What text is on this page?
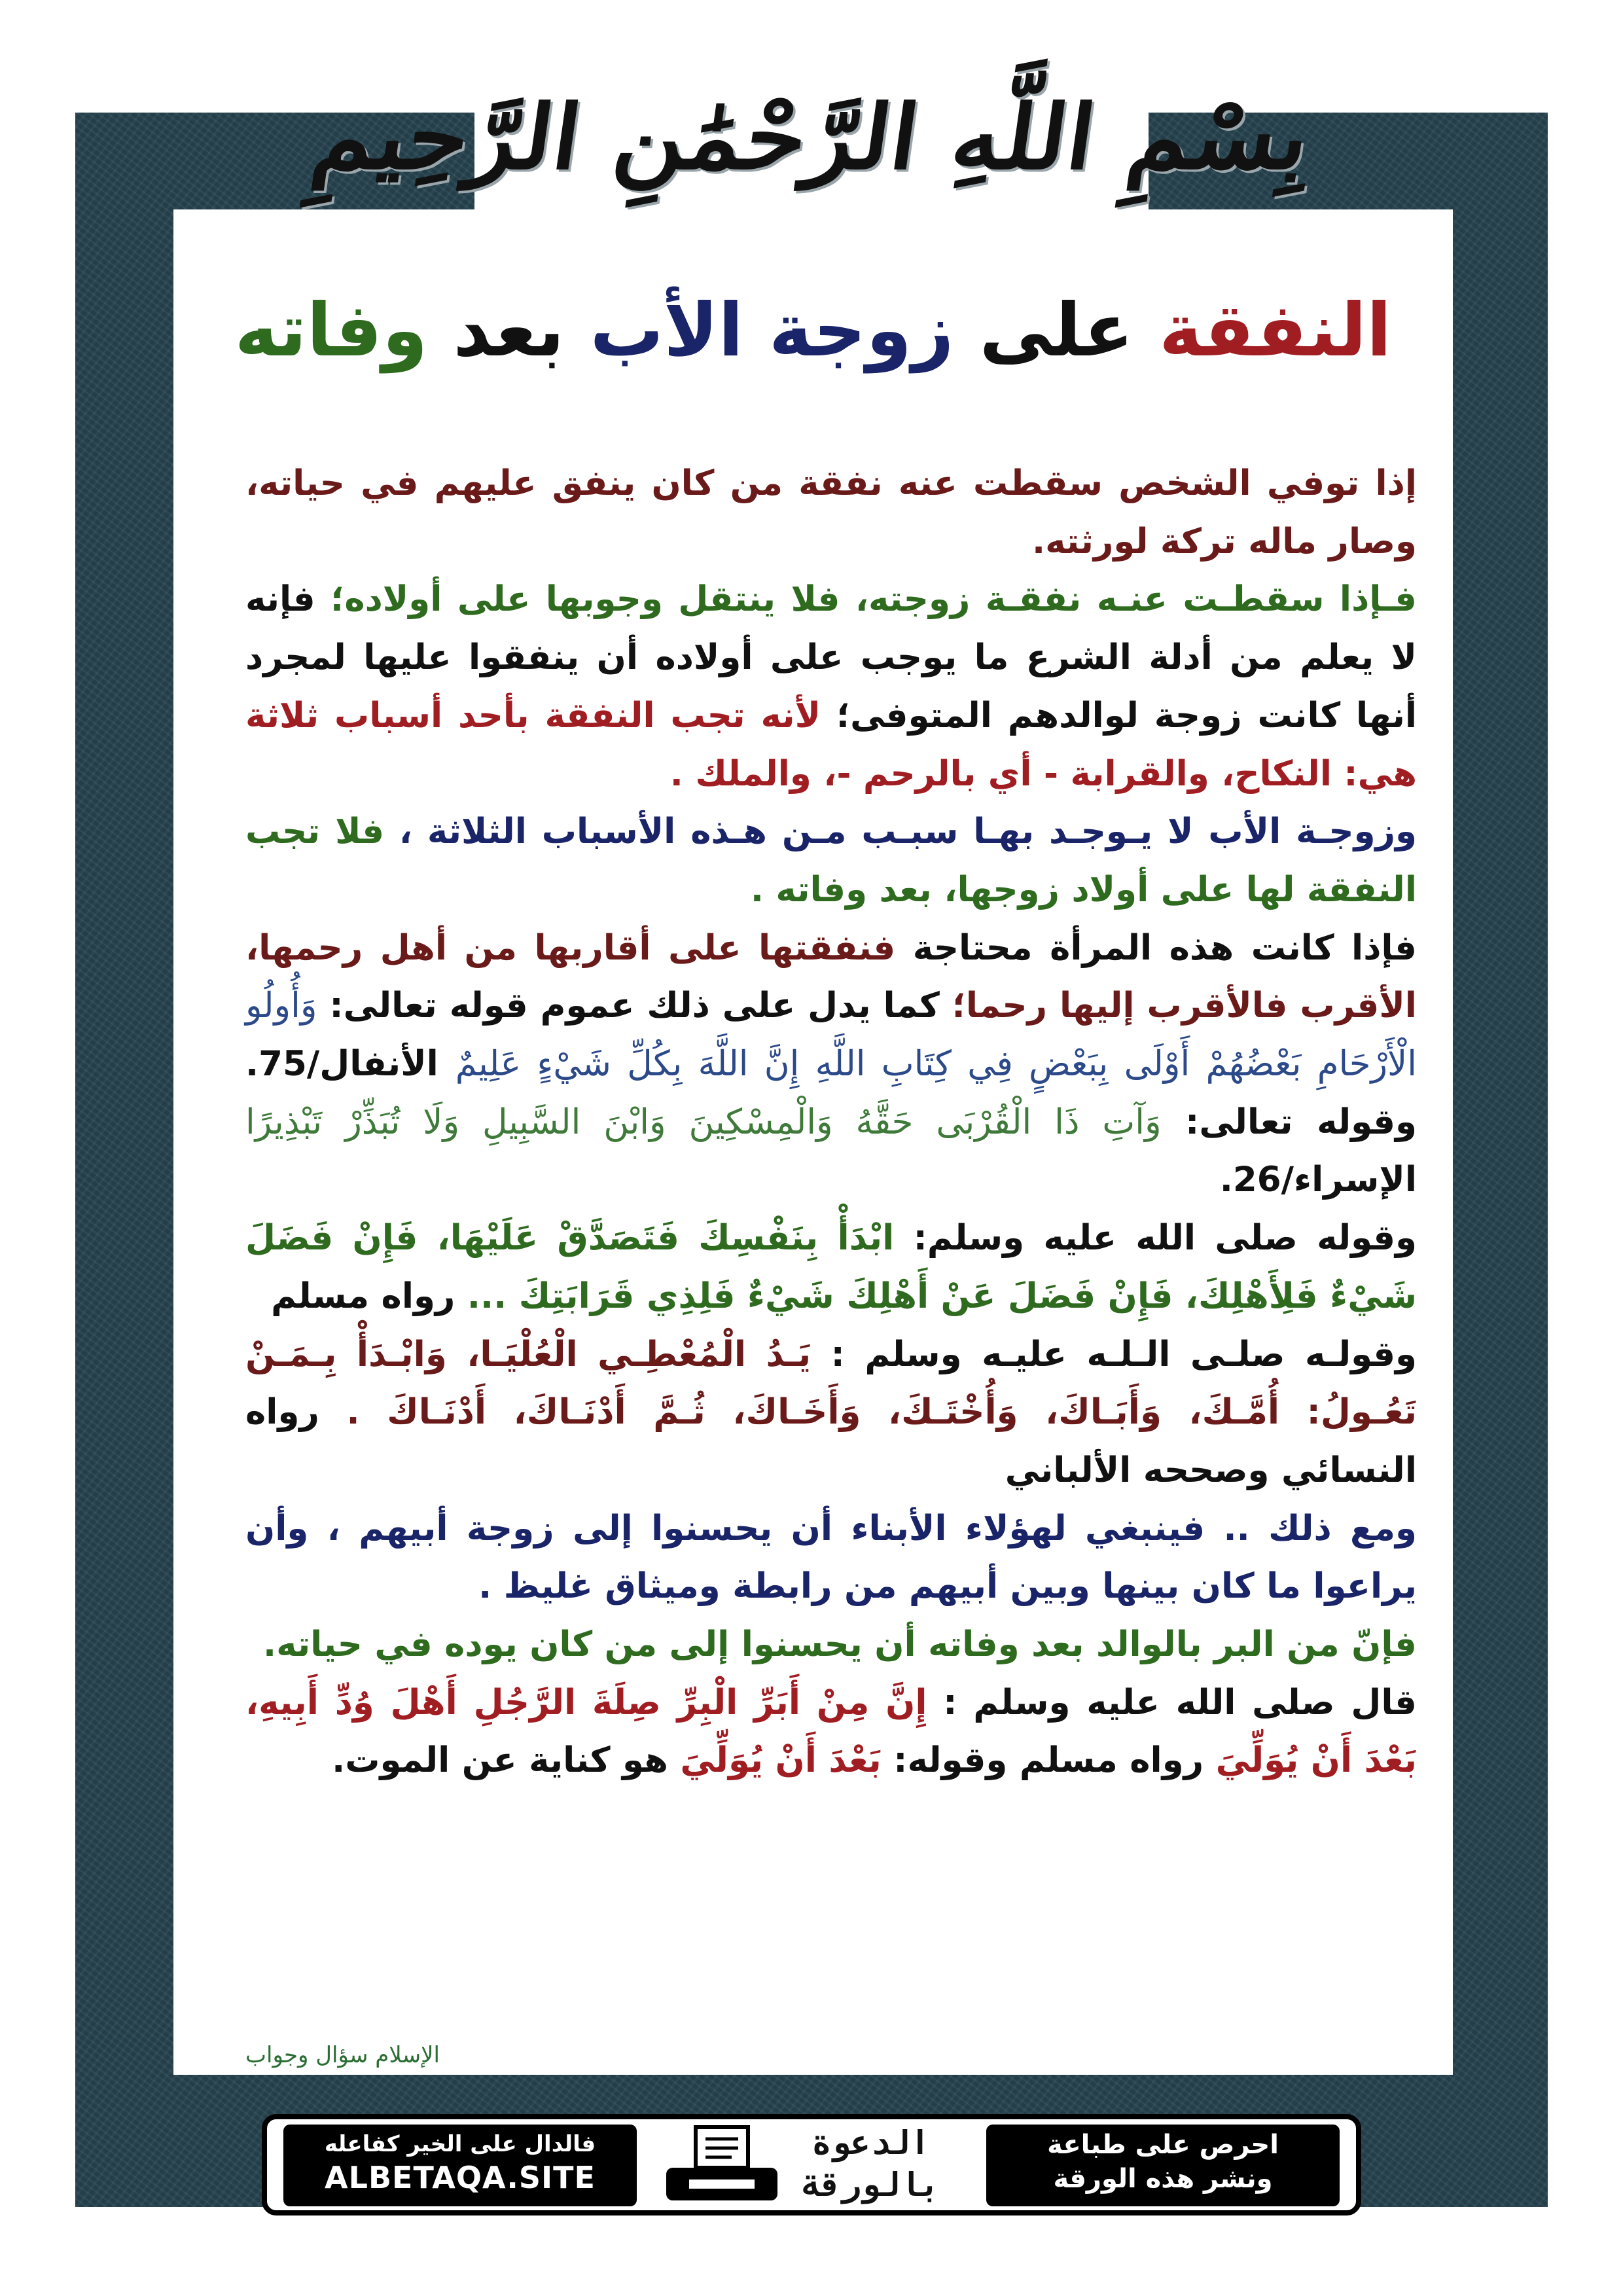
بِسْمِ اللَّهِ الرَّحْمَٰنِ الرَّحِيمِ
النفقة على زوجة الأب بعد وفاته

إذا توفي الشخص سقطت عنه نفقة من كان ينفق عليهم في حياته، وصار ماله تركة لورثته.

فـإذا سقطـت عنـه نفقـة زوجته، فلا ينتقل وجوبها على أولاده؛ فإنه لا يعلم من أدلة الشرع ما يوجب على أولاده أن ينفقوا عليها لمجرد أنها كانت زوجة لوالدهم المتوفى؛ لأنه تجب النفقة بأحد أسباب ثلاثة هي: النكاح، والقرابة - أي بالرحم -، والملك .

وزوجـة الأب لا يـوجـد بهـا سبـب مـن هـذه الأسباب الثلاثة ، فلا تجب النفقة لها على أولاد زوجها، بعد وفاته .

فإذا كانت هذه المرأة محتاجة فنفقتها على أقاربها من أهل رحمها، الأقرب فالأقرب إليها رحما؛ كما يدل على ذلك عموم قوله تعالى: وَأُولُو الْأَرْحَامِ بَعْضُهُمْ أَوْلَى بِبَعْضٍ فِي كِتَابِ اللَّهِ إِنَّ اللَّهَ بِكُلِّ شَيْءٍ عَلِيمٌ الأنفال/75. وقوله تعالى: وَآتِ ذَا الْقُرْبَى حَقَّهُ وَالْمِسْكِينَ وَابْنَ السَّبِيلِ وَلَا تُبَذِّرْ تَبْذِيرًا الإسراء/26.

وقوله صلى الله عليه وسلم: ابْدَأْ بِنَفْسِكَ فَتَصَدَّقْ عَلَيْهَا، فَإِنْ فَضَلَ شَيْءٌ فَلِأَهْلِكَ، فَإِنْ فَضَلَ عَنْ أَهْلِكَ شَيْءٌ فَلِذِي قَرَابَتِكَ ... رواه مسلم

وقولـه صلـى الـلـه عليـه وسلم : يَـدُ الْمُعْطِـي الْعُلْيَـا، وَابْـدَأْ بِـمَـنْ تَعُـولُ: أُمَّـكَ، وَأَبَـاكَ، وَأُخْتَـكَ، وَأَخَـاكَ، ثُـمَّ أَدْنَـاكَ، أَدْنَـاكَ . رواه النسائي وصححه الألباني

ومع ذلك .. فينبغي لهؤلاء الأبناء أن يحسنوا إلى زوجة أبيهم ، وأن يراعوا ما كان بينها وبين أبيهم من رابطة وميثاق غليظ .

فإنّ من البر بالوالد بعد وفاته أن يحسنوا إلى من كان يوده في حياته.

قال صلى الله عليه وسلم : إِنَّ مِنْ أَبَرِّ الْبِرِّ صِلَةَ الرَّجُلِ أَهْلَ وُدِّ أَبِيهِ، بَعْدَ أَنْ يُوَلِّيَ رواه مسلم وقوله: بَعْدَ أَنْ يُوَلِّيَ هو كناية عن الموت.

الإسلام سؤال وجواب
فالدال على الخير كفاعله
ALBETAQA.SITE
الدعوة
بالورقة
احرص على طباعة
ونشر هذه الورقة
